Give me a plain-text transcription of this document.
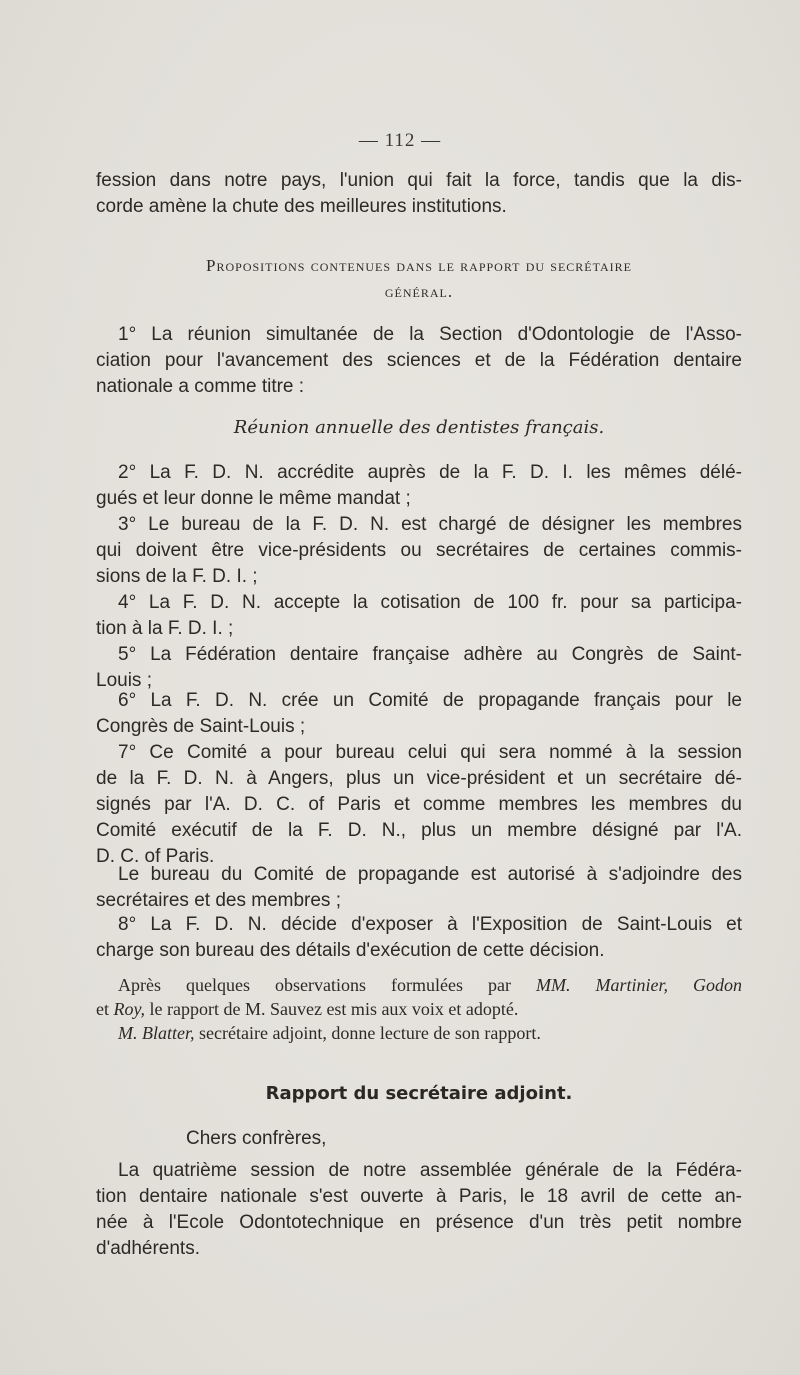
— 112 —
fession dans notre pays, l'union qui fait la force, tandis que la dis-
corde amène la chute des meilleures institutions.
Propositions contenues dans le rapport du secrétaire
général.
1° La réunion simultanée de la Section d'Odontologie de l'Asso-
ciation pour l'avancement des sciences et de la Fédération dentaire
nationale a comme titre :
Réunion annuelle des dentistes français.
2° La F. D. N. accrédite auprès de la F. D. I. les mêmes délé-
gués et leur donne le même mandat ;
3° Le bureau de la F. D. N. est chargé de désigner les membres
qui doivent être vice-présidents ou secrétaires de certaines commis-
sions de la F. D. I. ;
4° La F. D. N. accepte la cotisation de 100 fr. pour sa participa-
tion à la F. D. I. ;
5° La Fédération dentaire française adhère au Congrès de Saint-
Louis ;
6° La F. D. N. crée un Comité de propagande français pour le
Congrès de Saint-Louis ;
7° Ce Comité a pour bureau celui qui sera nommé à la session
de la F. D. N. à Angers, plus un vice-président et un secrétaire dé-
signés par l'A. D. C. of Paris et comme membres les membres du
Comité exécutif de la F. D. N., plus un membre désigné par l'A.
D. C. of Paris.
Le bureau du Comité de propagande est autorisé à s'adjoindre des
secrétaires et des membres ;
8° La F. D. N. décide d'exposer à l'Exposition de Saint-Louis et
charge son bureau des détails d'exécution de cette décision.
Après quelques observations formulées par MM. Martinier, Godon
et Roy, le rapport de M. Sauvez est mis aux voix et adopté.
M. Blatter, secrétaire adjoint, donne lecture de son rapport.
Rapport du secrétaire adjoint.
Chers confrères,
La quatrième session de notre assemblée générale de la Fédéra-
tion dentaire nationale s'est ouverte à Paris, le 18 avril de cette an-
née à l'Ecole Odontotechnique en présence d'un très petit nombre
d'adhérents.
